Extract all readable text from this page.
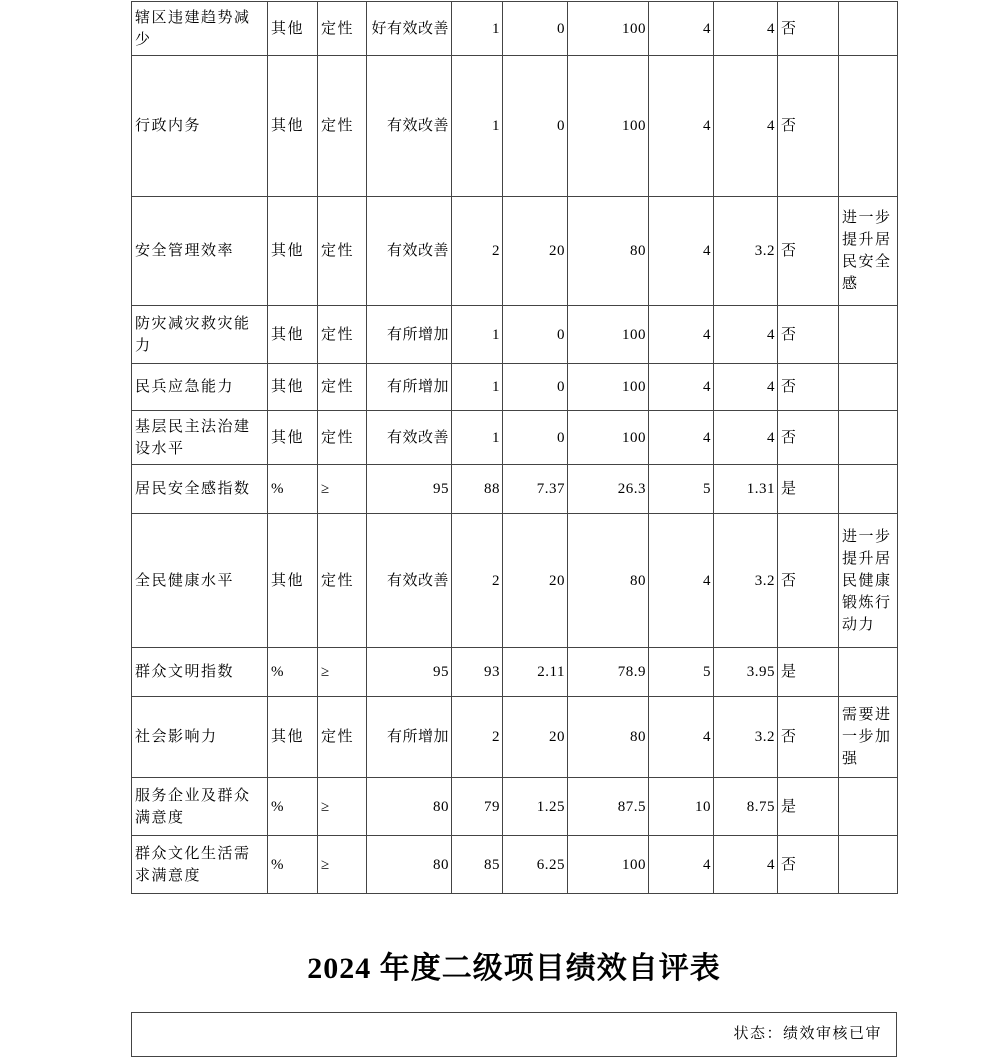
辖区违建趋势减少	其他	定性	好有效改善	1	0	100	4	4	否	
行政内务	其他	定性	有效改善	1	0	100	4	4	否	
安全管理效率	其他	定性	有效改善	2	20	80	4	3.2	否	进一步提升居民安全感
防灾减灾救灾能力	其他	定性	有所增加	1	0	100	4	4	否	
民兵应急能力	其他	定性	有所增加	1	0	100	4	4	否	
基层民主法治建设水平	其他	定性	有效改善	1	0	100	4	4	否	
居民安全感指数	%	≥	95	88	7.37	26.3	5	1.31	是	
全民健康水平	其他	定性	有效改善	2	20	80	4	3.2	否	进一步提升居民健康锻炼行动力
群众文明指数	%	≥	95	93	2.11	78.9	5	3.95	是	
社会影响力	其他	定性	有所增加	2	20	80	4	3.2	否	需要进一步加强
服务企业及群众满意度	%	≥	80	79	1.25	87.5	10	8.75	是	
群众文化生活需求满意度	%	≥	80	85	6.25	100	4	4	否	
2024 年度二级项目绩效自评表
状态：绩效审核已审
